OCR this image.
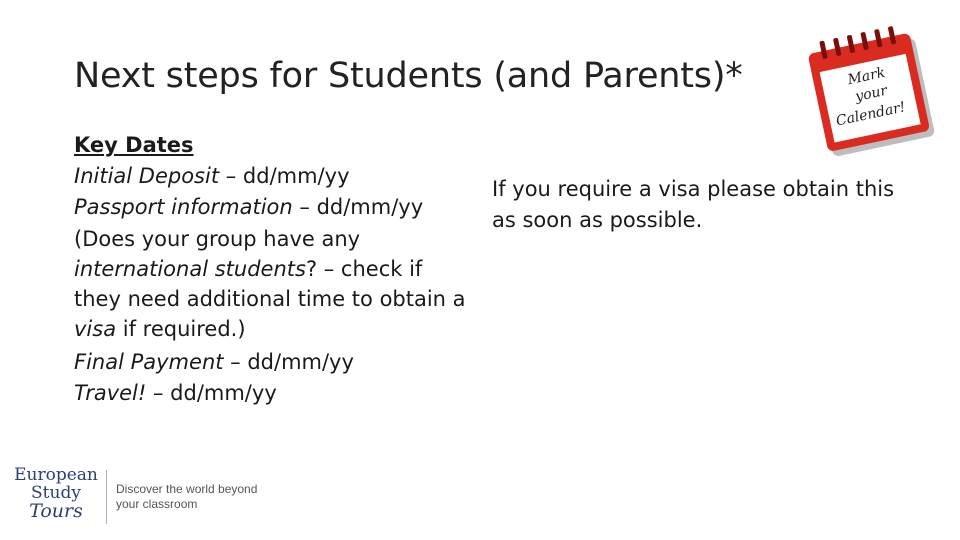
Next steps for Students (and Parents)*
Key Dates
Initial Deposit – dd/mm/yy
Passport information – dd/mm/yy
(Does your group have any international students? – check if they need additional time to obtain a visa if required.)
Final Payment – dd/mm/yy
Travel! – dd/mm/yy
If you require a visa please obtain this as soon as possible.
Mark
your
Calendar!
European
Study
Tours
Discover the world beyond
your classroom
